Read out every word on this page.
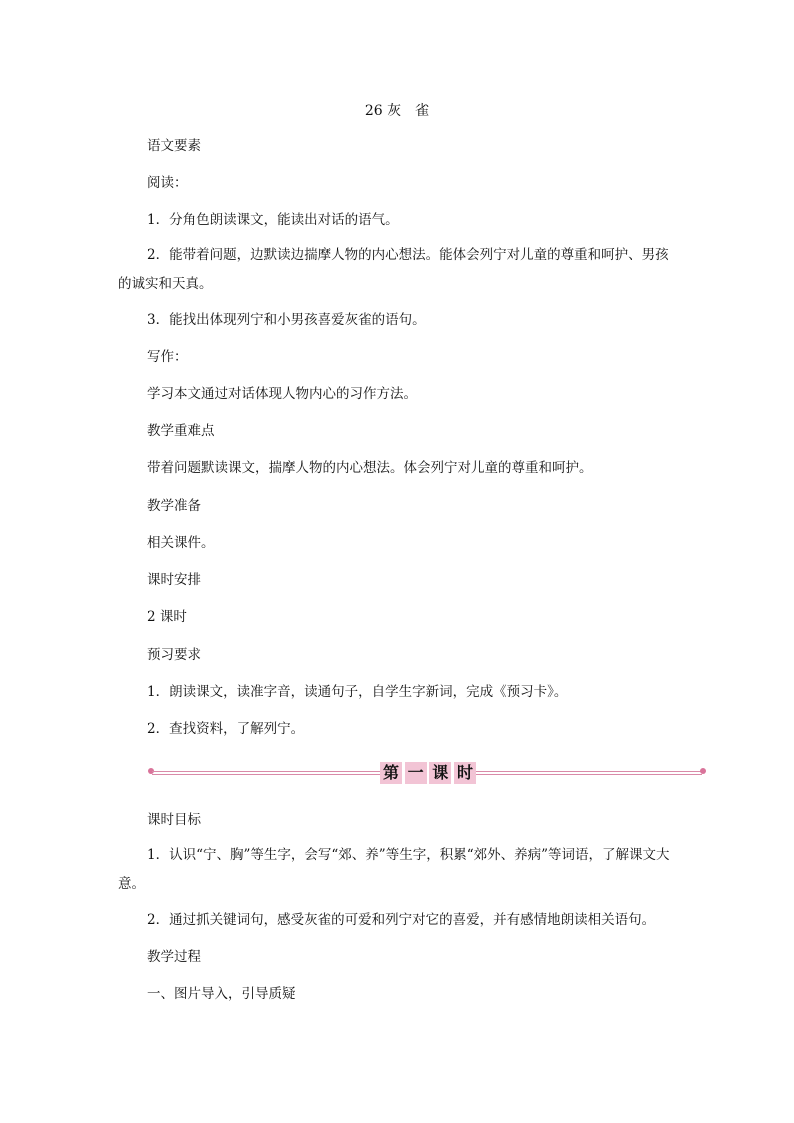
26 灰　雀
语文要素
阅读：
1．分角色朗读课文，能读出对话的语气。
2．能带着问题，边默读边揣摩人物的内心想法。能体会列宁对儿童的尊重和呵护、男孩的诚实和天真。
3．能找出体现列宁和小男孩喜爱灰雀的语句。
写作：
学习本文通过对话体现人物内心的习作方法。
教学重难点
带着问题默读课文，揣摩人物的内心想法。体会列宁对儿童的尊重和呵护。
教学准备
相关课件。
课时安排
2 课时
预习要求
1．朗读课文，读准字音，读通句子，自学生字新词，完成《预习卡》。
2．查找资料，了解列宁。
第 一 课 时
课时目标
1．认识“宁、胸”等生字，会写“郊、养”等生字，积累“郊外、养病”等词语，了解课文大意。
2．通过抓关键词句，感受灰雀的可爱和列宁对它的喜爱，并有感情地朗读相关语句。
教学过程
一、图片导入，引导质疑
